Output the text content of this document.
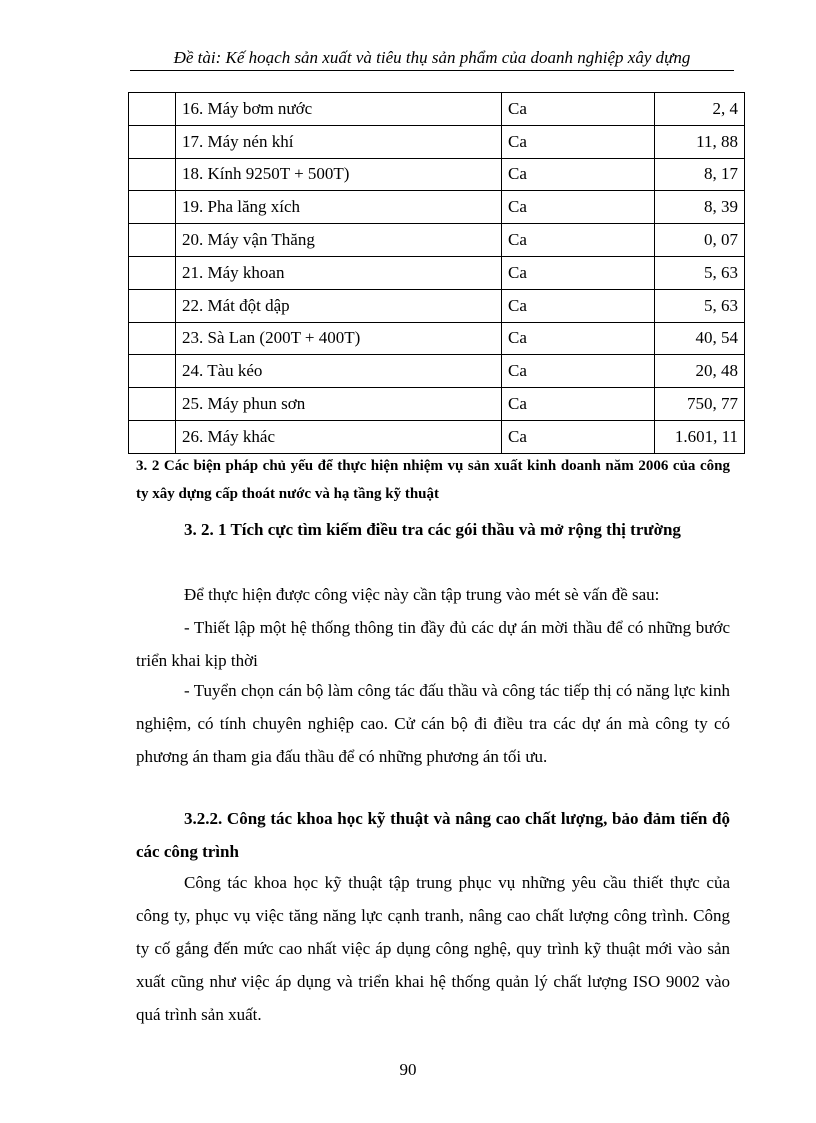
Đề tài: Kế hoạch sản xuất và tiêu thụ sản phẩm của doanh nghiệp xây dựng
	16. Máy bơm nước	Ca	2, 4
	17. Máy nén khí	Ca	11, 88
	18. Kính 9250T + 500T)	Ca	8, 17
	19. Pha lăng xích	Ca	8, 39
	20. Máy vận Thăng	Ca	0, 07
	21. Máy khoan	Ca	5, 63
	22. Mát đột dập	Ca	5, 63
	23. Sà Lan (200T + 400T)	Ca	40, 54
	24. Tàu kéo	Ca	20, 48
	25. Máy phun sơn	Ca	750, 77
	26. Máy khác	Ca	1.601, 11
3. 2 Các biện pháp chủ yếu để thực hiện nhiệm vụ sản xuất kinh doanh năm 2006 của công ty xây dựng cấp thoát nước và hạ tầng kỹ thuật
3. 2. 1 Tích cực tìm kiếm điều tra các gói thầu và mở rộng thị trường
Để thực hiện được công việc này cần tập trung vào mét sè vấn đề sau:
- Thiết lập một hệ thống thông tin đầy đủ các dự án mời thầu để có những bước triển khai kịp thời
- Tuyển chọn cán bộ làm công tác đấu thầu và công tác tiếp thị có năng lực kinh nghiệm, có tính chuyên nghiệp cao. Cử cán bộ đi điều tra các dự án mà công ty có phương án tham gia đấu thầu để có những phương án tối ưu.
3.2.2. Công tác khoa học kỹ thuật và nâng cao chất lượng, bảo đảm tiến độ các công trình
Công tác khoa học kỹ thuật tập trung phục vụ những yêu cầu thiết thực của công ty, phục vụ việc tăng năng lực cạnh tranh, nâng cao chất lượng công trình. Công ty cố gắng đến mức cao nhất việc áp dụng công nghệ, quy trình kỹ thuật mới vào sản xuất cũng như việc áp dụng và triển khai hệ thống quản lý chất lượng ISO 9002 vào quá trình sản xuất.
90
